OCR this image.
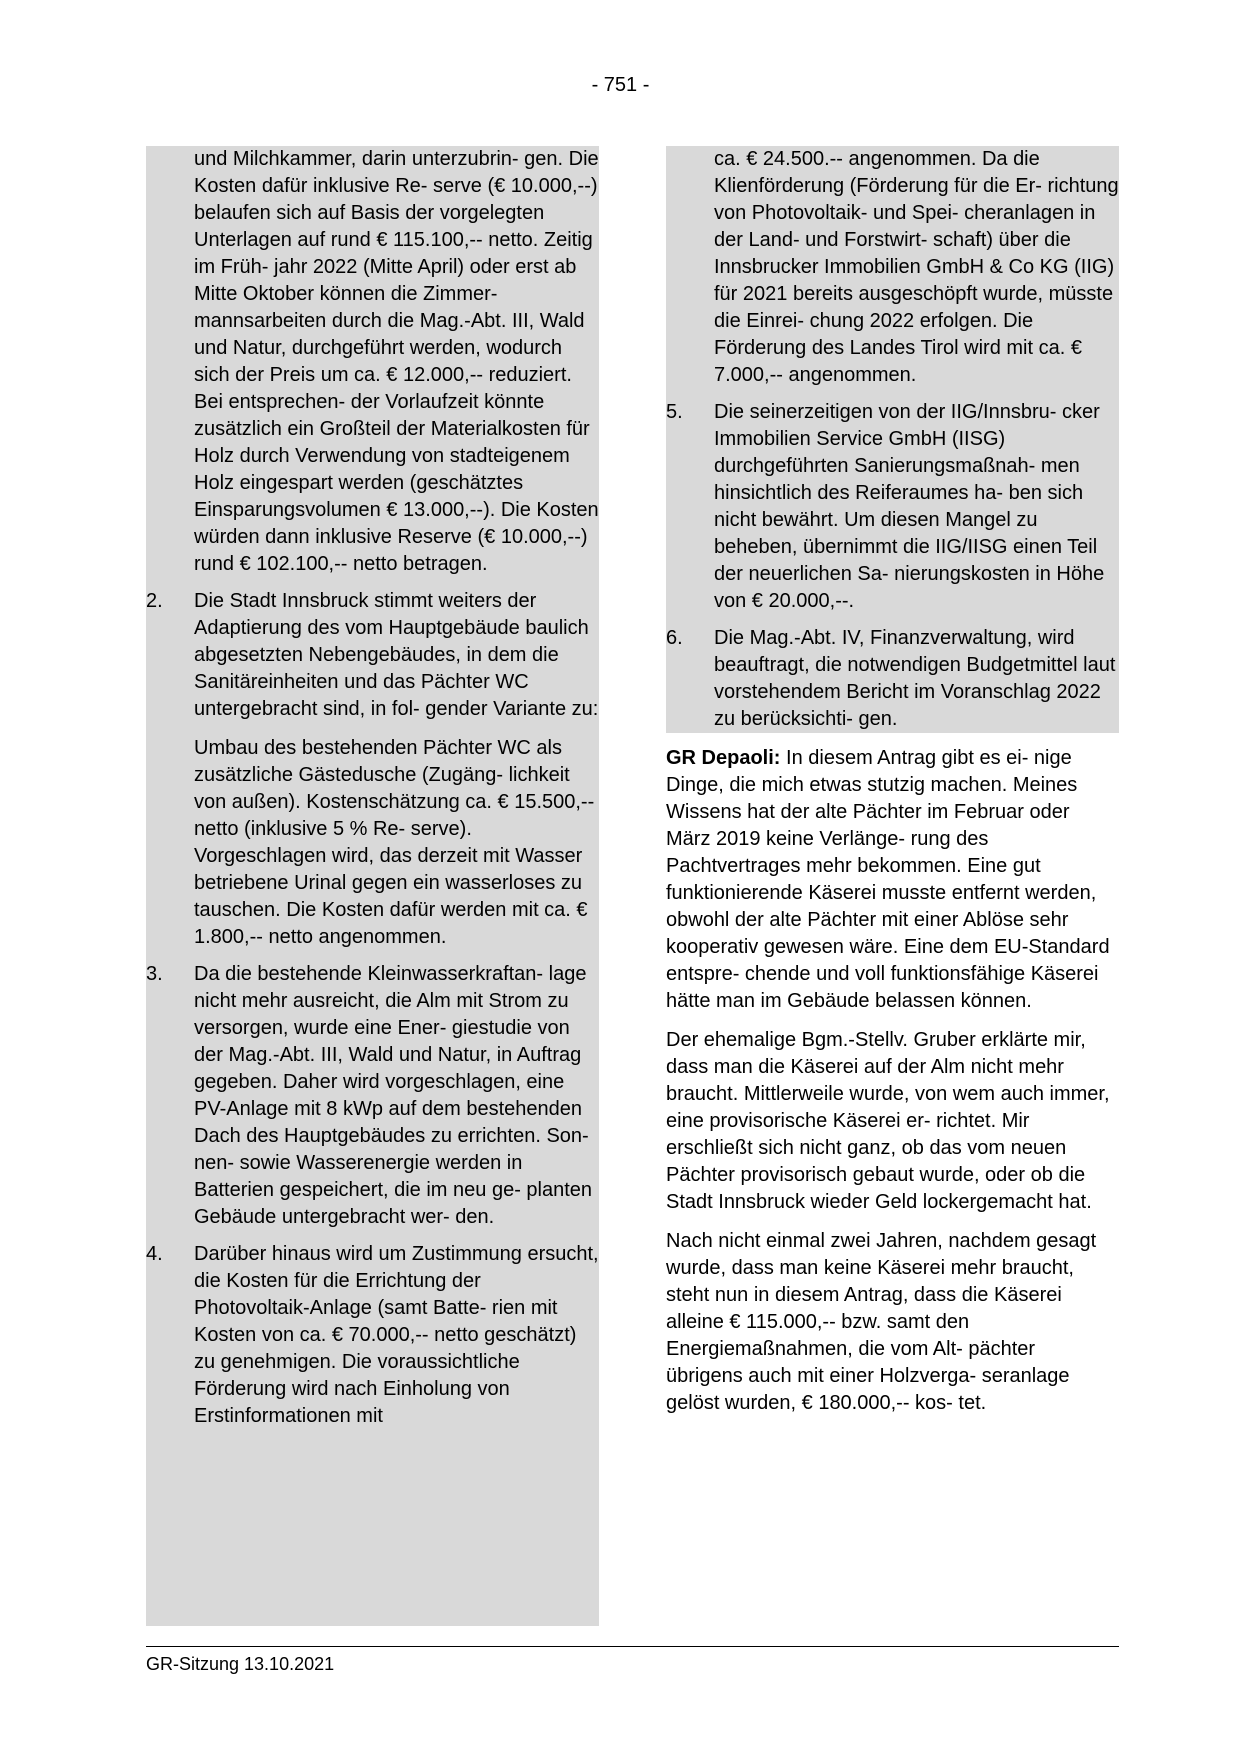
- 751 -

und Milchkammer, darin unterzubrin- gen. Die Kosten dafür inklusive Re- serve (€ 10.000,--) belaufen sich auf Basis der vorgelegten Unterlagen auf rund € 115.100,-- netto. Zeitig im Früh- jahr 2022 (Mitte April) oder erst ab Mitte Oktober können die Zimmer- mannsarbeiten durch die Mag.-Abt. III, Wald und Natur, durchgeführt werden, wodurch sich der Preis um ca. € 12.000,-- reduziert. Bei entsprechen- der Vorlaufzeit könnte zusätzlich ein Großteil der Materialkosten für Holz durch Verwendung von stadteigenem Holz eingespart werden (geschätztes Einsparungsvolumen € 13.000,--). Die Kosten würden dann inklusive Reserve (€ 10.000,--) rund € 102.100,-- netto betragen.

2.	Die Stadt Innsbruck stimmt weiters der Adaptierung des vom Hauptgebäude baulich abgesetzten Nebengebäudes, in dem die Sanitäreinheiten und das Pächter WC untergebracht sind, in fol- gender Variante zu:

Umbau des bestehenden Pächter WC als zusätzliche Gästedusche (Zugäng- lichkeit von außen). Kostenschätzung ca. € 15.500,-- netto (inklusive 5 % Re- serve). Vorgeschlagen wird, das derzeit mit Wasser betriebene Urinal gegen ein wasserloses zu tauschen. Die Kosten dafür werden mit ca. € 1.800,-- netto angenommen.

3.	Da die bestehende Kleinwasserkraftan- lage nicht mehr ausreicht, die Alm mit Strom zu versorgen, wurde eine Ener- giestudie von der Mag.-Abt. III, Wald und Natur, in Auftrag gegeben. Daher wird vorgeschlagen, eine PV-Anlage mit 8 kWp auf dem bestehenden Dach des Hauptgebäudes zu errichten. Son- nen- sowie Wasserenergie werden in Batterien gespeichert, die im neu ge- planten Gebäude untergebracht wer- den.
4.	Darüber hinaus wird um Zustimmung ersucht, die Kosten für die Errichtung der Photovoltaik-Anlage (samt Batte- rien mit Kosten von ca. € 70.000,-- netto geschätzt) zu genehmigen. Die voraussichtliche Förderung wird nach Einholung von Erstinformationen mit

ca. € 24.500.-- angenommen. Da die Klienförderung (Förderung für die Er- richtung von Photovoltaik- und Spei- cheranlagen in der Land- und Forstwirt- schaft) über die Innsbrucker Immobilien GmbH & Co KG (IIG) für 2021 bereits ausgeschöpft wurde, müsste die Einrei- chung 2022 erfolgen. Die Förderung des Landes Tirol wird mit ca. € 7.000,-- angenommen.

5.	Die seinerzeitigen von der IIG/Innsbru- cker Immobilien Service GmbH (IISG) durchgeführten Sanierungsmaßnah- men hinsichtlich des Reiferaumes ha- ben sich nicht bewährt. Um diesen Mangel zu beheben, übernimmt die IIG/IISG einen Teil der neuerlichen Sa- nierungskosten in Höhe von € 20.000,--.
6.	Die Mag.-Abt. IV, Finanzverwaltung, wird beauftragt, die notwendigen Budgetmittel laut vorstehendem Bericht im Voranschlag 2022 zu berücksichti- gen.

GR Depaoli: In diesem Antrag gibt es ei- nige Dinge, die mich etwas stutzig machen. Meines Wissens hat der alte Pächter im Februar oder März 2019 keine Verlänge- rung des Pachtvertrages mehr bekommen. Eine gut funktionierende Käserei musste entfernt werden, obwohl der alte Pächter mit einer Ablöse sehr kooperativ gewesen wäre. Eine dem EU-Standard entspre- chende und voll funktionsfähige Käserei hätte man im Gebäude belassen können.

Der ehemalige Bgm.-Stellv. Gruber erklärte mir, dass man die Käserei auf der Alm nicht mehr braucht. Mittlerweile wurde, von wem auch immer, eine provisorische Käserei er- richtet. Mir erschließt sich nicht ganz, ob das vom neuen Pächter provisorisch gebaut wurde, oder ob die Stadt Innsbruck wieder Geld lockergemacht hat.

Nach nicht einmal zwei Jahren, nachdem gesagt wurde, dass man keine Käserei mehr braucht, steht nun in diesem Antrag, dass die Käserei alleine € 115.000,-- bzw. samt den Energiemaßnahmen, die vom Alt- pächter übrigens auch mit einer Holzverga- seranlage gelöst wurden, € 180.000,-- kos- tet.

GR-Sitzung 13.10.2021
